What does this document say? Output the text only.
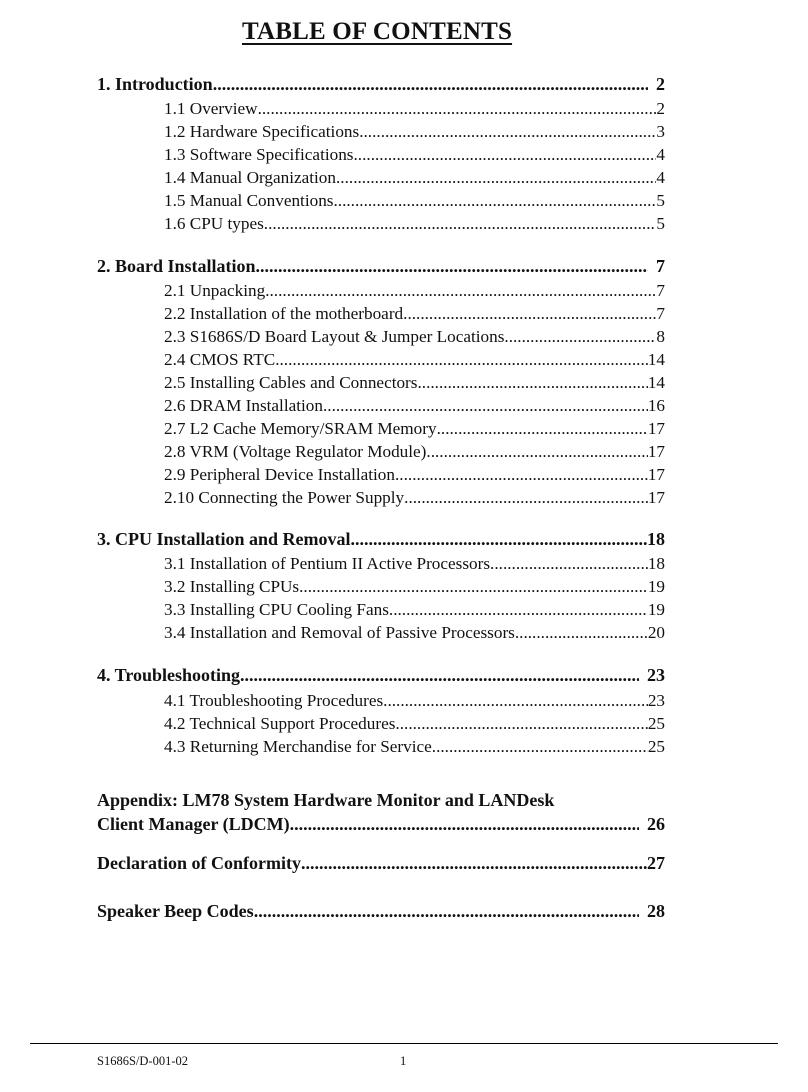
TABLE OF CONTENTS
1. Introduction .....	2
1.1 Overview .....	2
1.2 Hardware Specifications .....	3
1.3 Software Specifications .....	4
1.4 Manual Organization .....	4
1.5 Manual Conventions .....	5
1.6 CPU types .....	5
2. Board Installation .....	7
2.1 Unpacking .....	7
2.2 Installation of the motherboard .....	7
2.3 S1686S/D Board Layout & Jumper Locations .....	8
2.4 CMOS RTC .....	14
2.5 Installing Cables and Connectors .....	14
2.6 DRAM Installation .....	16
2.7 L2 Cache Memory/SRAM Memory .....	17
2.8 VRM (Voltage Regulator Module) .....	17
2.9 Peripheral Device Installation .....	17
2.10 Connecting the Power Supply .....	17
3. CPU Installation and Removal .....	18
3.1 Installation of Pentium II Active Processors .....	18
3.2 Installing CPUs .....	19
3.3 Installing CPU Cooling Fans .....	19
3.4 Installation and Removal of Passive Processors .....	20
4. Troubleshooting .....	23
4.1 Troubleshooting Procedures .....	23
4.2 Technical Support Procedures .....	25
4.3 Returning Merchandise for Service .....	25
Appendix: LM78 System Hardware Monitor and LANDesk
Client Manager (LDCM) .....	26
Declaration of Conformity .....	27
Speaker Beep Codes .....	28
S1686S/D-001-02	1
